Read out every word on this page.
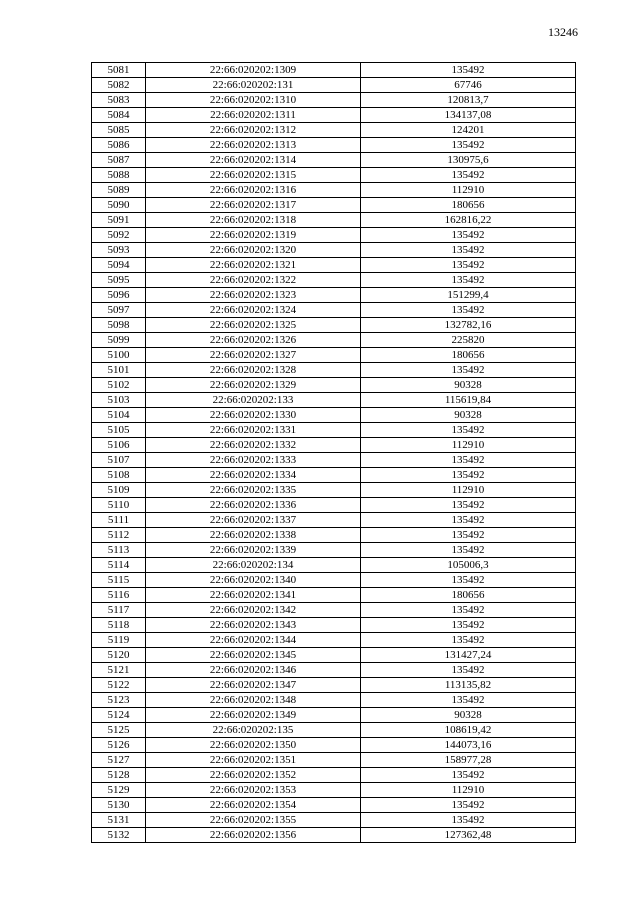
13246
5081	22:66:020202:1309	135492
5082	22:66:020202:131	67746
5083	22:66:020202:1310	120813,7
5084	22:66:020202:1311	134137,08
5085	22:66:020202:1312	124201
5086	22:66:020202:1313	135492
5087	22:66:020202:1314	130975,6
5088	22:66:020202:1315	135492
5089	22:66:020202:1316	112910
5090	22:66:020202:1317	180656
5091	22:66:020202:1318	162816,22
5092	22:66:020202:1319	135492
5093	22:66:020202:1320	135492
5094	22:66:020202:1321	135492
5095	22:66:020202:1322	135492
5096	22:66:020202:1323	151299,4
5097	22:66:020202:1324	135492
5098	22:66:020202:1325	132782,16
5099	22:66:020202:1326	225820
5100	22:66:020202:1327	180656
5101	22:66:020202:1328	135492
5102	22:66:020202:1329	90328
5103	22:66:020202:133	115619,84
5104	22:66:020202:1330	90328
5105	22:66:020202:1331	135492
5106	22:66:020202:1332	112910
5107	22:66:020202:1333	135492
5108	22:66:020202:1334	135492
5109	22:66:020202:1335	112910
5110	22:66:020202:1336	135492
5111	22:66:020202:1337	135492
5112	22:66:020202:1338	135492
5113	22:66:020202:1339	135492
5114	22:66:020202:134	105006,3
5115	22:66:020202:1340	135492
5116	22:66:020202:1341	180656
5117	22:66:020202:1342	135492
5118	22:66:020202:1343	135492
5119	22:66:020202:1344	135492
5120	22:66:020202:1345	131427,24
5121	22:66:020202:1346	135492
5122	22:66:020202:1347	113135,82
5123	22:66:020202:1348	135492
5124	22:66:020202:1349	90328
5125	22:66:020202:135	108619,42
5126	22:66:020202:1350	144073,16
5127	22:66:020202:1351	158977,28
5128	22:66:020202:1352	135492
5129	22:66:020202:1353	112910
5130	22:66:020202:1354	135492
5131	22:66:020202:1355	135492
5132	22:66:020202:1356	127362,48
